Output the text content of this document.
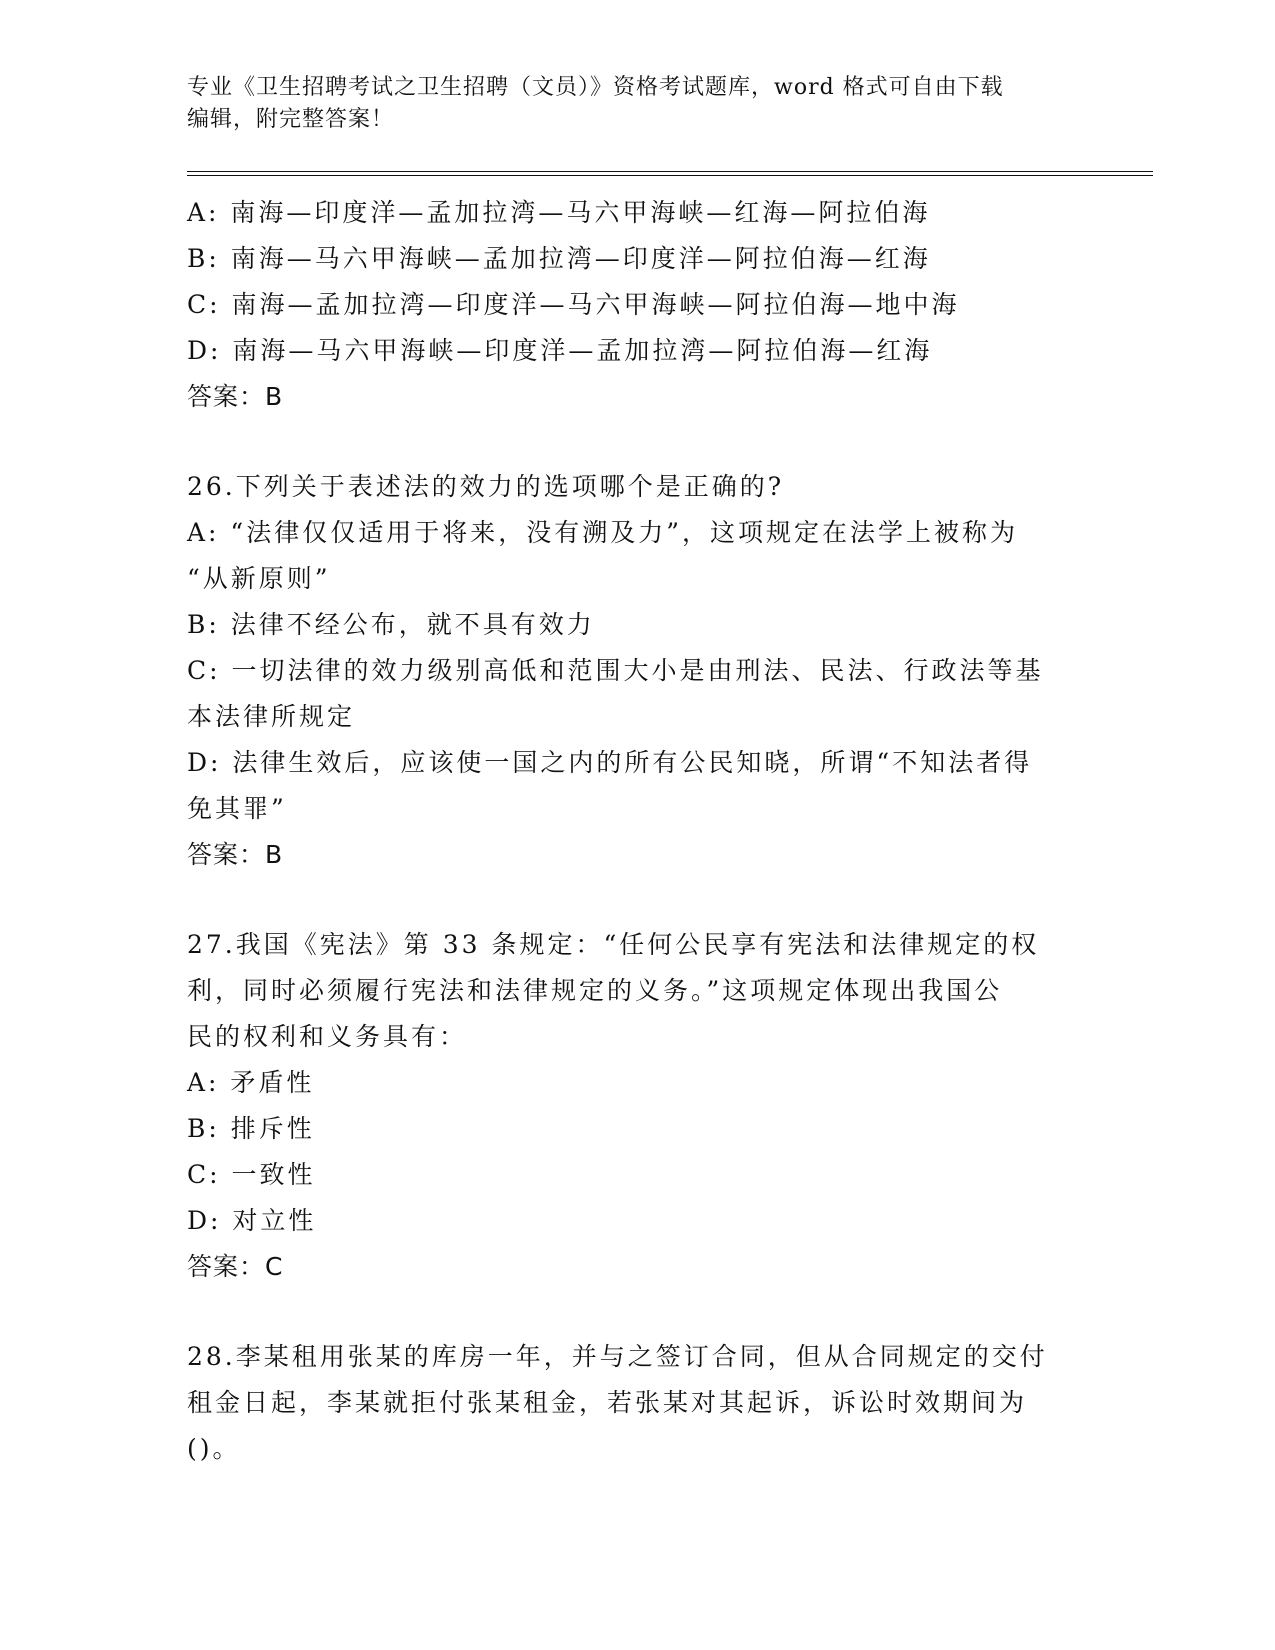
专业《卫生招聘考试之卫生招聘（文员）》资格考试题库，word 格式可自由下载
编辑，附完整答案！
A: 南海—印度洋—孟加拉湾—马六甲海峡—红海—阿拉伯海
B: 南海—马六甲海峡—孟加拉湾—印度洋—阿拉伯海—红海
C: 南海—孟加拉湾—印度洋—马六甲海峡—阿拉伯海—地中海
D: 南海—马六甲海峡—印度洋—孟加拉湾—阿拉伯海—红海
答案：B
26.下列关于表述法的效力的选项哪个是正确的?
A: “法律仅仅适用于将来，没有溯及力”，这项规定在法学上被称为
“从新原则”
B: 法律不经公布，就不具有效力
C: 一切法律的效力级别高低和范围大小是由刑法、民法、行政法等基
本法律所规定
D: 法律生效后，应该使一国之内的所有公民知晓，所谓“不知法者得
免其罪”
答案：B
27.我国《宪法》第 33 条规定：“任何公民享有宪法和法律规定的权
利，同时必须履行宪法和法律规定的义务。”这项规定体现出我国公
民的权利和义务具有：
A: 矛盾性
B: 排斥性
C: 一致性
D: 对立性
答案：C
28.李某租用张某的库房一年，并与之签订合同，但从合同规定的交付
租金日起，李某就拒付张某租金，若张某对其起诉，诉讼时效期间为
()。
